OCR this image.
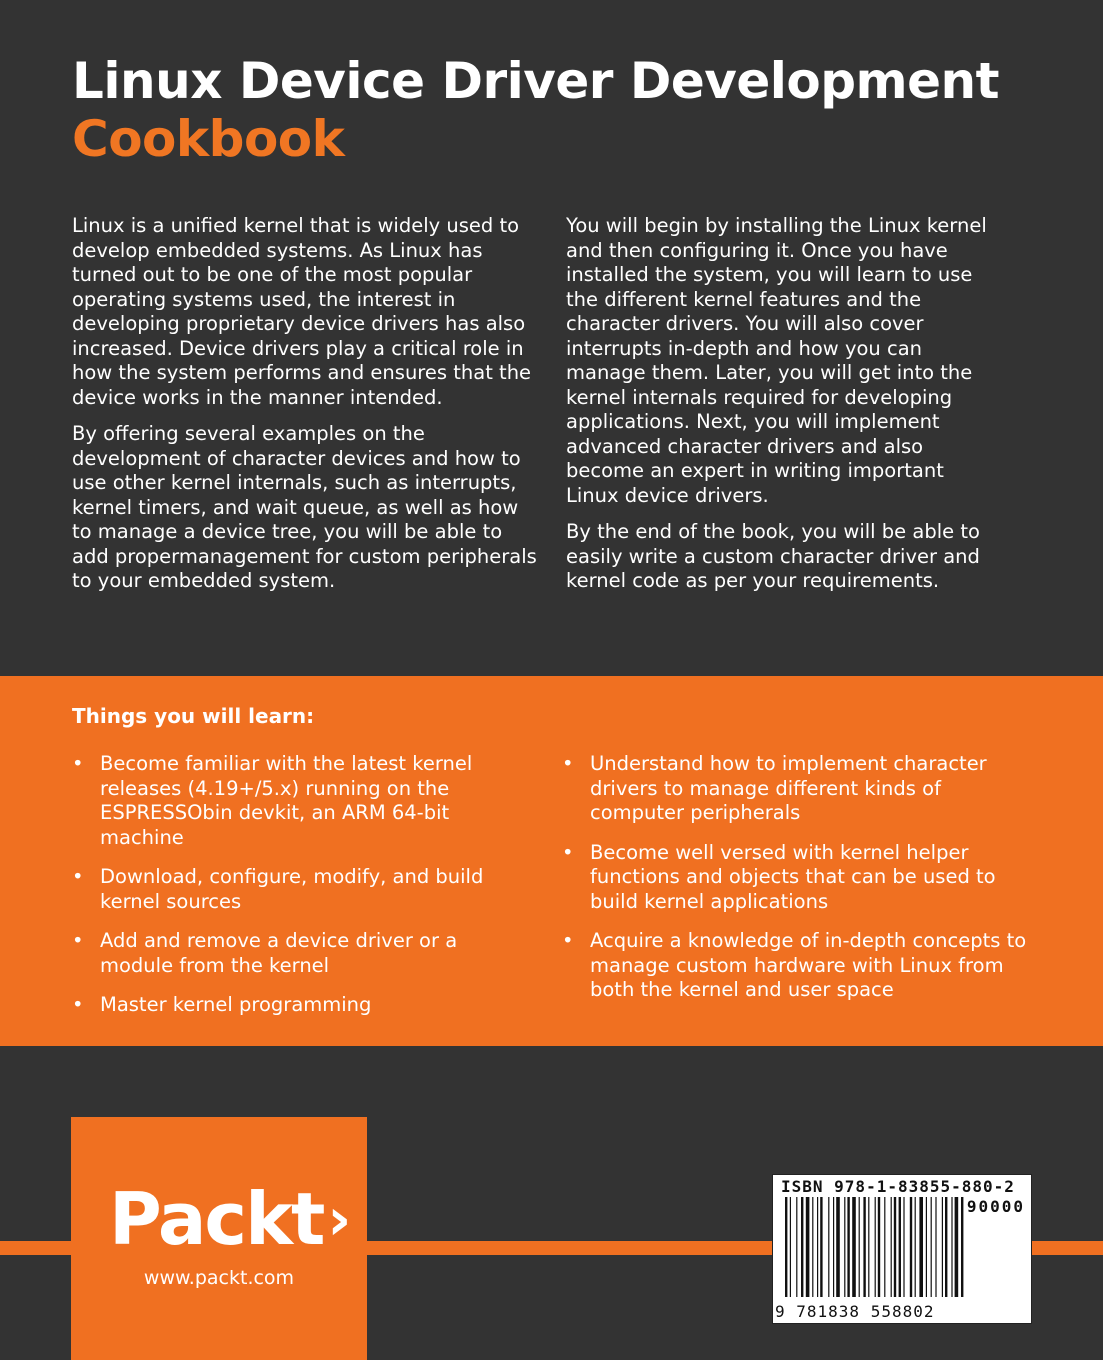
Linux Device Driver Development
Cookbook

Linux is a unified kernel that is widely used to develop embedded systems. As Linux has turned out to be one of the most popular operating systems used, the interest in developing proprietary device drivers has also increased. Device drivers play a critical role in how the system performs and ensures that the device works in the manner intended.

By offering several examples on the development of character devices and how to use other kernel internals, such as interrupts, kernel timers, and wait queue, as well as how to manage a device tree, you will be able to add propermanagement for custom peripherals to your embedded system.

You will begin by installing the Linux kernel and then configuring it. Once you have installed the system, you will learn to use the different kernel features and the character drivers. You will also cover interrupts in-depth and how you can manage them. Later, you will get into the kernel internals required for developing applications. Next, you will implement advanced character drivers and also become an expert in writing important Linux device drivers.

By the end of the book, you will be able to easily write a custom character driver and kernel code as per your requirements.

Things you will learn:
• Become familiar with the latest kernel releases (4.19+/5.x) running on the ESPRESSObin devkit, an ARM 64-bit machine
• Download, configure, modify, and build kernel sources
• Add and remove a device driver or a module from the kernel
• Master kernel programming
• Understand how to implement character drivers to manage different kinds of computer peripherals
• Become well versed with kernel helper functions and objects that can be used to build kernel applications
• Acquire a knowledge of in-depth concepts to manage custom hardware with Linux from both the kernel and user space
Packt ›
www.packt.com
ISBN 978-1-83855-880-2
90000
9 781838 558802
